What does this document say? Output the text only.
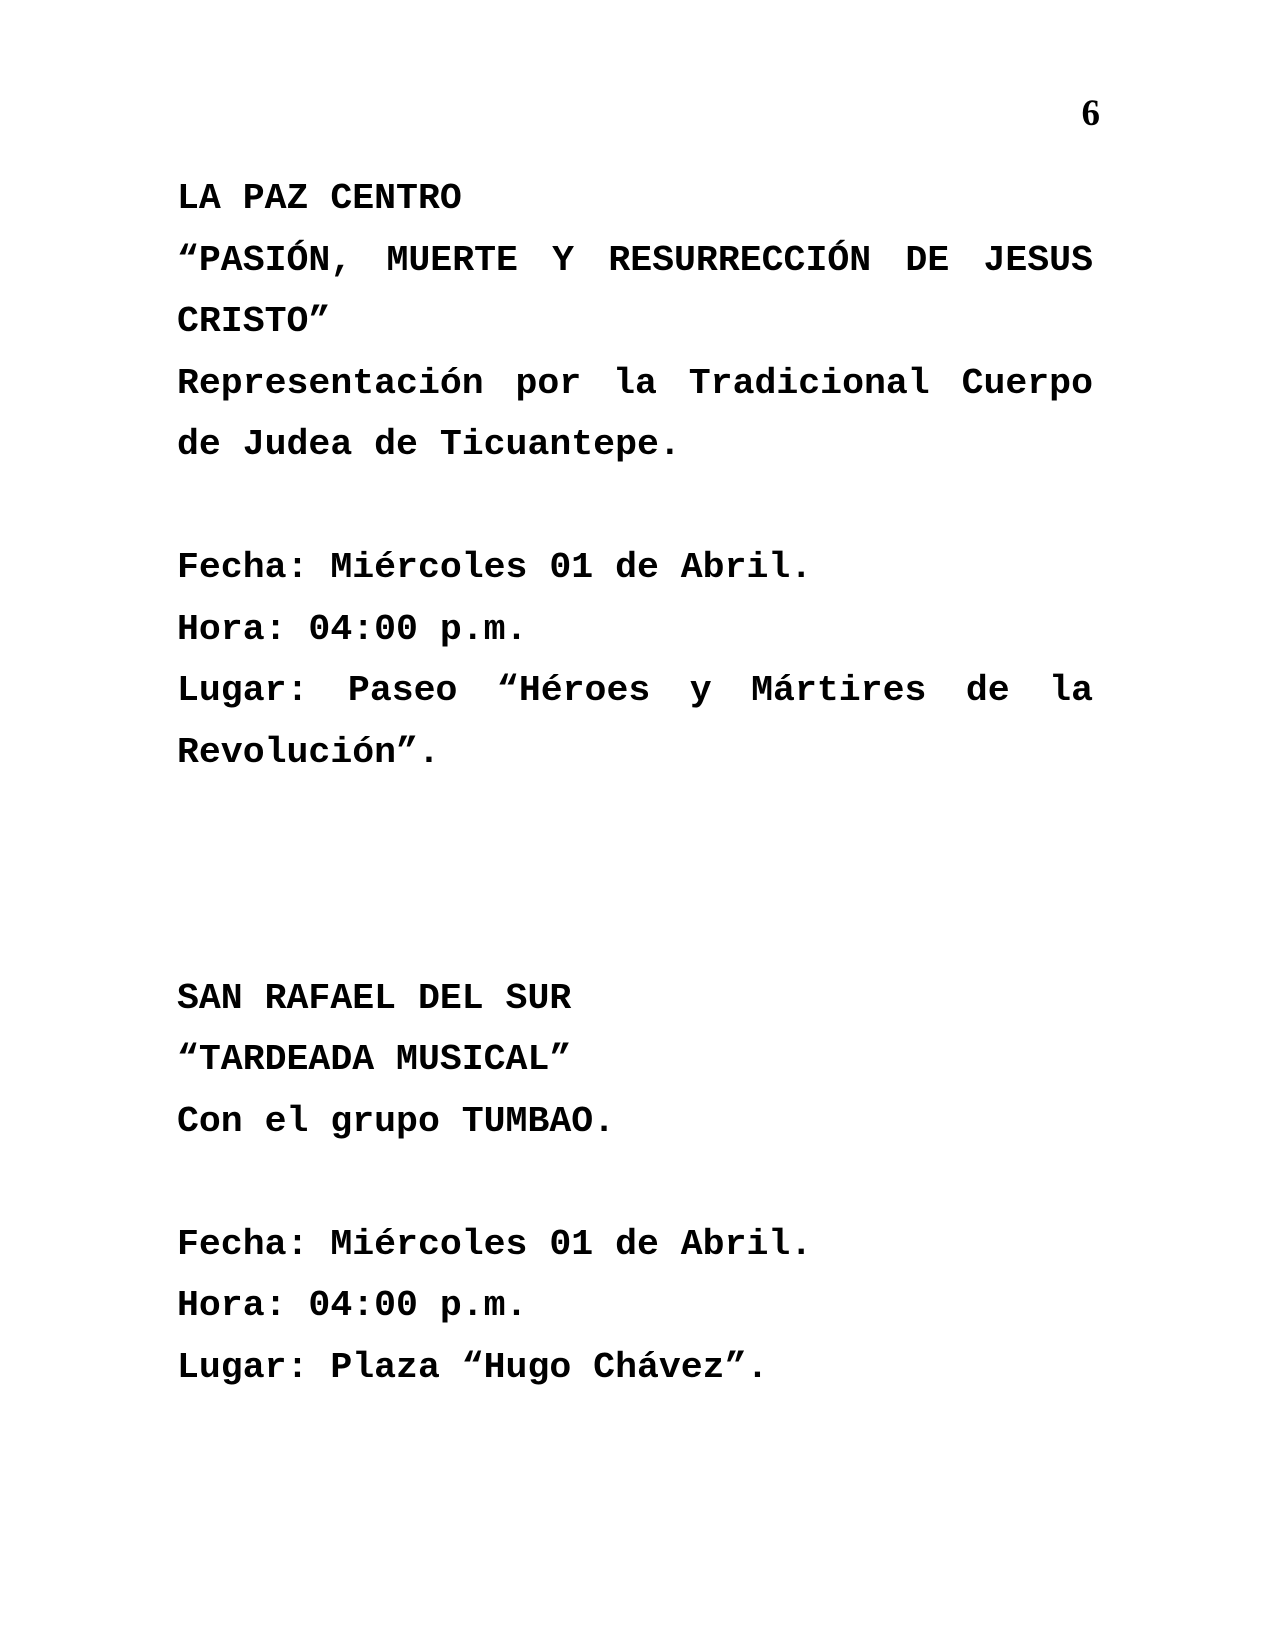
6

LA PAZ CENTRO

“PASIÓN, MUERTE Y RESURRECCIÓN DE JESUS CRISTO”

Representación por la Tradicional Cuerpo de Judea de Ticuantepe.

Fecha: Miércoles 01 de Abril.

Hora: 04:00 p.m.

Lugar: Paseo “Héroes y Mártires de la Revolución”.

SAN RAFAEL DEL SUR

“TARDEADA MUSICAL”

Con el grupo TUMBAO.

Fecha: Miércoles 01 de Abril.

Hora: 04:00 p.m.

Lugar: Plaza “Hugo Chávez”.
